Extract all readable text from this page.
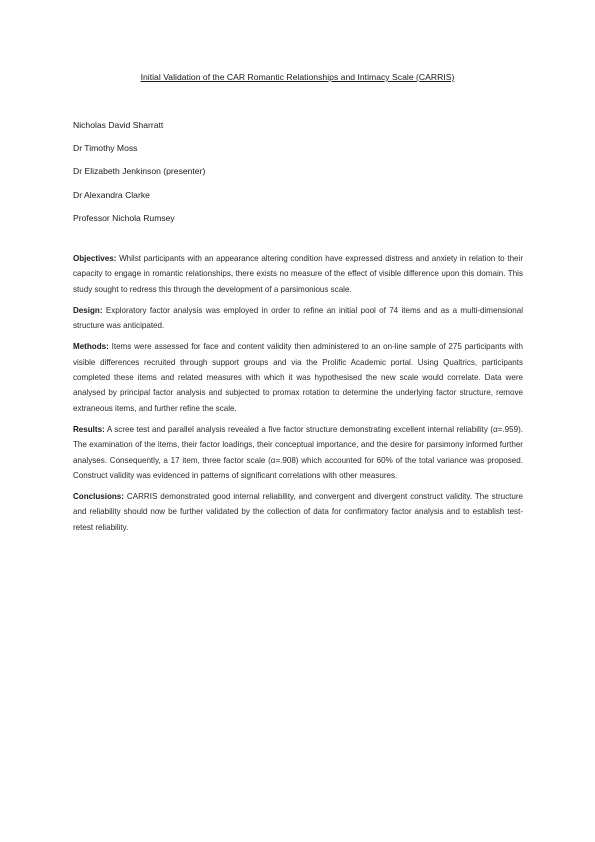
Initial Validation of the CAR Romantic Relationships and Intimacy Scale (CARRIS)
Nicholas David Sharratt
Dr Timothy Moss
Dr Elizabeth Jenkinson (presenter)
Dr Alexandra Clarke
Professor Nichola Rumsey

Objectives: Whilst participants with an appearance altering condition have expressed distress and anxiety in relation to their capacity to engage in romantic relationships, there exists no measure of the effect of visible difference upon this domain. This study sought to redress this through the development of a parsimonious scale.

Design: Exploratory factor analysis was employed in order to refine an initial pool of 74 items and as a multi-dimensional structure was anticipated.

Methods: Items were assessed for face and content validity then administered to an on-line sample of 275 participants with visible differences recruited through support groups and via the Prolific Academic portal. Using Qualtrics, participants completed these items and related measures with which it was hypothesised the new scale would correlate. Data were analysed by principal factor analysis and subjected to promax rotation to determine the underlying factor structure, remove extraneous items, and further refine the scale.

Results: A scree test and parallel analysis revealed a five factor structure demonstrating excellent internal reliability (α=.959). The examination of the items, their factor loadings, their conceptual importance, and the desire for parsimony informed further analyses. Consequently, a 17 item, three factor scale (α=.908) which accounted for 60% of the total variance was proposed. Construct validity was evidenced in patterns of significant correlations with other measures.

Conclusions: CARRIS demonstrated good internal reliability, and convergent and divergent construct validity. The structure and reliability should now be further validated by the collection of data for confirmatory factor analysis and to establish test-retest reliability.
